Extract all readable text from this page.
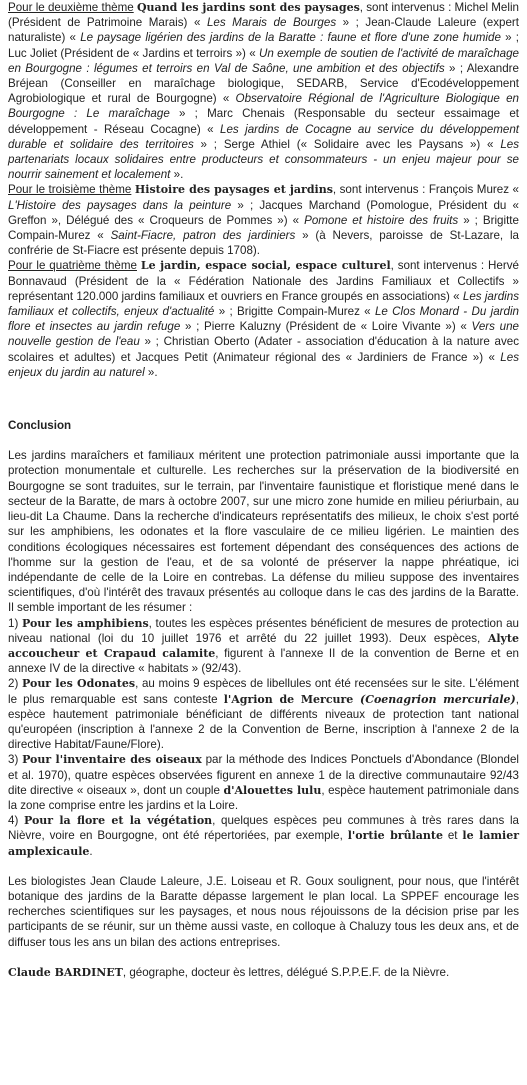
Pour le deuxième thème Quand les jardins sont des paysages, sont intervenus : Michel Melin (Président de Patrimoine Marais) « Les Marais de Bourges » ; Jean-Claude Laleure (expert naturaliste) « Le paysage ligérien des jardins de la Baratte : faune et flore d'une zone humide » ; Luc Joliet (Président de « Jardins et terroirs ») « Un exemple de soutien de l'activité de maraîchage en Bourgogne : légumes et terroirs en Val de Saône, une ambition et des objectifs » ; Alexandre Bréjean (Conseiller en maraîchage biologique, SEDARB, Service d'Ecodéveloppement Agrobiologique et rural de Bourgogne) « Observatoire Régional de l'Agriculture Biologique en Bourgogne : Le maraîchage » ; Marc Chenais (Responsable du secteur essaimage et développement - Réseau Cocagne) « Les jardins de Cocagne au service du développement durable et solidaire des territoires » ; Serge Athiel (« Solidaire avec les Paysans ») « Les partenariats locaux solidaires entre producteurs et consommateurs - un enjeu majeur pour se nourrir sainement et localement ».

Pour le troisième thème Histoire des paysages et jardins, sont intervenus : François Murez « L'Histoire des paysages dans la peinture » ; Jacques Marchand (Pomologue, Président du « Greffon », Délégué des « Croqueurs de Pommes ») « Pomone et histoire des fruits » ; Brigitte Compain-Murez « Saint-Fiacre, patron des jardiniers » (à Nevers, paroisse de St-Lazare, la confrérie de St-Fiacre est présente depuis 1708).

Pour le quatrième thème Le jardin, espace social, espace culturel, sont intervenus : Hervé Bonnavaud (Président de la « Fédération Nationale des Jardins Familiaux et Collectifs » représentant 120.000 jardins familiaux et ouvriers en France groupés en associations) « Les jardins familiaux et collectifs, enjeux d'actualité » ; Brigitte Compain-Murez « Le Clos Monard - Du jardin flore et insectes au jardin refuge » ; Pierre Kaluzny (Président de « Loire Vivante ») « Vers une nouvelle gestion de l'eau » ; Christian Oberto (Adater - association d'éducation à la nature avec scolaires et adultes) et Jacques Petit (Animateur régional des « Jardiniers de France ») « Les enjeux du jardin au naturel ».

Conclusion

Les jardins maraîchers et familiaux méritent une protection patrimoniale aussi importante que la protection monumentale et culturelle. Les recherches sur la préservation de la biodiversité en Bourgogne se sont traduites, sur le terrain, par l'inventaire faunistique et floristique mené dans le secteur de la Baratte, de mars à octobre 2007, sur une micro zone humide en milieu périurbain, au lieu-dit La Chaume. Dans la recherche d'indicateurs représentatifs des milieux, le choix s'est porté sur les amphibiens, les odonates et la flore vasculaire de ce milieu ligérien. Le maintien des conditions écologiques nécessaires est fortement dépendant des conséquences des actions de l'homme sur la gestion de l'eau, et de sa volonté de préserver la nappe phréatique, ici indépendante de celle de la Loire en contrebas. La défense du milieu suppose des inventaires scientifiques, d'où l'intérêt des travaux présentés au colloque dans le cas des jardins de la Baratte. Il semble important de les résumer :

1) Pour les amphibiens, toutes les espèces présentes bénéficient de mesures de protection au niveau national (loi du 10 juillet 1976 et arrêté du 22 juillet 1993). Deux espèces, Alyte accoucheur et Crapaud calamite, figurent à l'annexe II de la convention de Berne et en annexe IV de la directive « habitats » (92/43).

2) Pour les Odonates, au moins 9 espèces de libellules ont été recensées sur le site. L'élément le plus remarquable est sans conteste l'Agrion de Mercure (Coenagrion mercuriale), espèce hautement patrimoniale bénéficiant de différents niveaux de protection tant national qu'européen (inscription à l'annexe 2 de la Convention de Berne, inscription à l'annexe 2 de la directive Habitat/Faune/Flore).

3) Pour l'inventaire des oiseaux par la méthode des Indices Ponctuels d'Abondance (Blondel et al. 1970), quatre espèces observées figurent en annexe 1 de la directive communautaire 92/43 dite directive « oiseaux », dont un couple d'Alouettes lulu, espèce hautement patrimoniale dans la zone comprise entre les jardins et la Loire.

4) Pour la flore et la végétation, quelques espèces peu communes à très rares dans la Nièvre, voire en Bourgogne, ont été répertoriées, par exemple, l'ortie brûlante et le lamier amplexicaule.

Les biologistes Jean Claude Laleure, J.E. Loiseau et R. Goux soulignent, pour nous, que l'intérêt botanique des jardins de la Baratte dépasse largement le plan local. La SPPEF encourage les recherches scientifiques sur les paysages, et nous nous réjouissons de la décision prise par les participants de se réunir, sur un thème aussi vaste, en colloque à Chaluzy tous les deux ans, et de diffuser tous les ans un bilan des actions entreprises.

Claude BARDINET, géographe, docteur ès lettres, délégué S.P.P.E.F. de la Nièvre.
